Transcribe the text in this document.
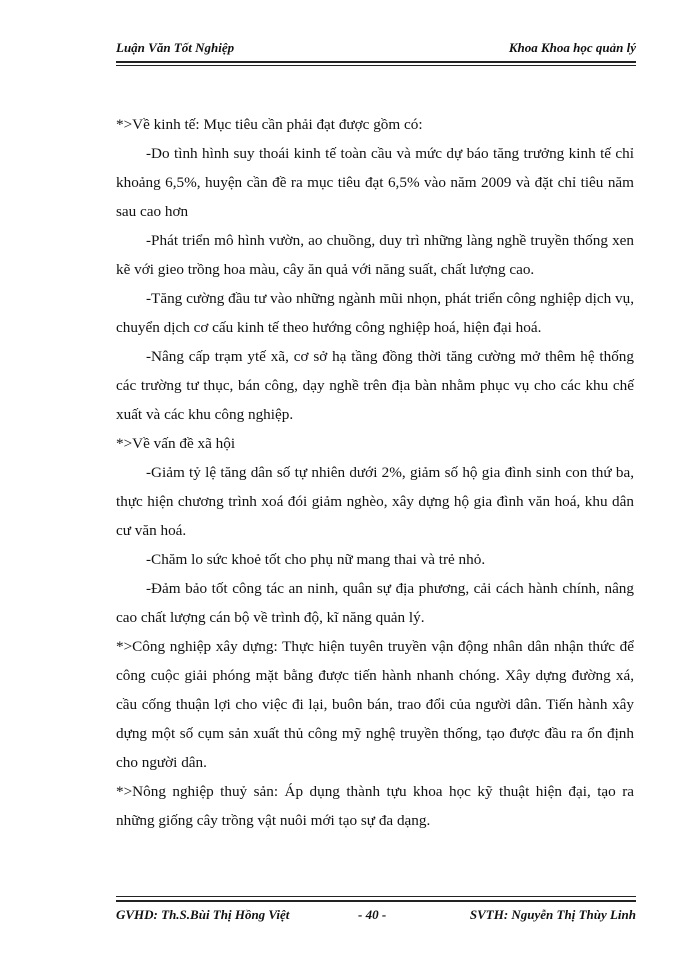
Luận Văn Tốt Nghiệp	Khoa Khoa học quản lý

*>Về kinh tế: Mục tiêu cần phải đạt được gồm có:

-Do tình hình suy thoái kinh tế toàn cầu và mức dự báo tăng trưởng kinh tế chỉ khoảng 6,5%, huyện cần đề ra mục tiêu đạt 6,5% vào năm 2009 và đặt chỉ tiêu năm sau cao hơn

-Phát triển mô hình vườn, ao chuồng, duy trì những làng nghề truyền thống xen kẽ với gieo trồng hoa màu, cây ăn quả với năng suất, chất lượng cao.

-Tăng cường đầu tư vào những ngành mũi nhọn, phát triển công nghiệp dịch vụ, chuyển dịch cơ cấu kinh tế theo hướng công nghiệp hoá, hiện đại hoá.

-Nâng cấp trạm ytế xã, cơ sở hạ tầng đồng thời tăng cường mở thêm hệ thống các trường tư thục, bán công, dạy nghề trên địa bàn nhằm phục vụ cho các khu chế xuất và các khu công nghiệp.

*>Về vấn đề xã hội

-Giảm tỷ lệ tăng dân số tự nhiên dưới 2%, giảm số hộ gia đình sinh con thứ ba, thực hiện chương trình xoá đói giảm nghèo, xây dựng hộ gia đình văn hoá, khu dân cư văn hoá.

-Chăm lo sức khoẻ tốt cho phụ nữ mang thai và trẻ nhỏ.

-Đảm bảo tốt công tác an ninh, quân sự địa phương, cải cách hành chính, nâng cao chất lượng cán bộ về trình độ, kĩ năng quản lý.

*>Công nghiệp xây dựng: Thực hiện tuyên truyền vận động nhân dân nhận thức để công cuộc giải phóng mặt bằng được tiến hành nhanh chóng. Xây dựng đường xá, cầu cống thuận lợi cho việc đi lại, buôn bán, trao đổi của người dân. Tiến hành xây dựng một số cụm sản xuất thủ công mỹ nghệ truyền thống, tạo được đầu ra ổn định cho người dân.

*>Nông nghiệp thuỷ sản: Áp dụng thành tựu khoa học kỹ thuật hiện đại, tạo ra những giống cây trồng vật nuôi mới tạo sự đa dạng.

GVHD: Th.S.Bùi Thị Hồng Việt	- 40 -	SVTH: Nguyễn Thị Thùy Linh
